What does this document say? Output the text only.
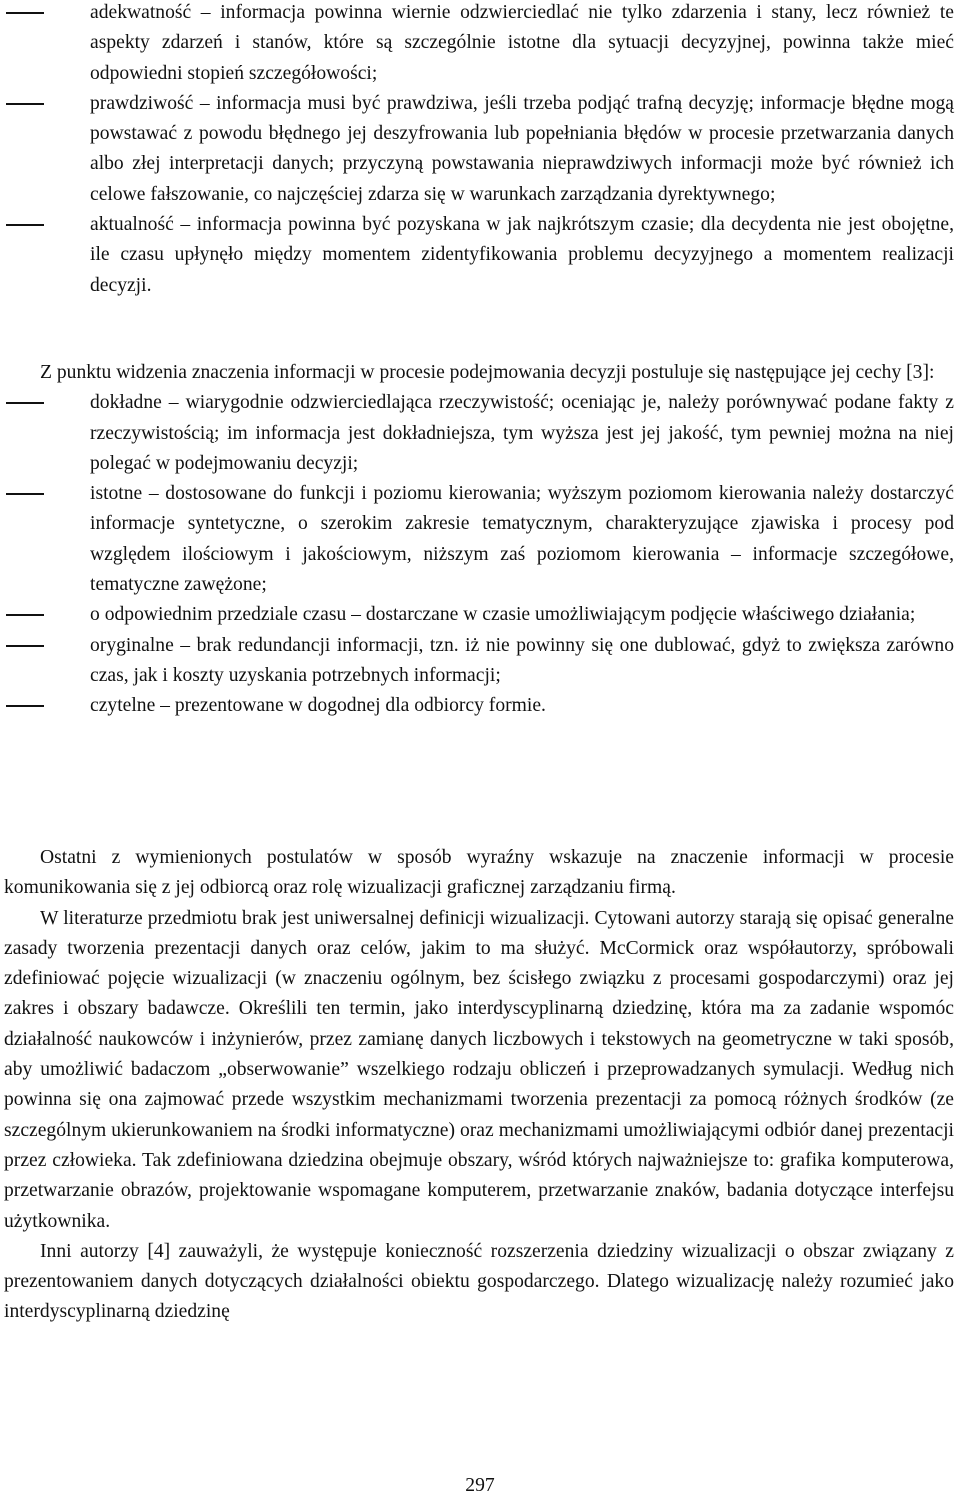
adekwatność – informacja powinna wiernie odzwierciedlać nie tylko zdarzenia i stany, lecz również te aspekty zdarzeń i stanów, które są szczególnie istotne dla sytuacji decyzyjnej, powinna także mieć odpowiedni stopień szczegółowości;
prawdziwość – informacja musi być prawdziwa, jeśli trzeba podjąć trafną decyzję; informacje błędne mogą powstawać z powodu błędnego jej deszyfrowania lub popełniania błędów w procesie przetwarzania danych albo złej interpretacji danych; przyczyną powstawania nieprawdziwych informacji może być również ich celowe fałszowanie, co najczęściej zdarza się w warunkach zarządzania dyrektywnego;
aktualność – informacja powinna być pozyskana w jak najkrótszym czasie; dla decydenta nie jest obojętne, ile czasu upłynęło między momentem zidentyfikowania problemu decyzyjnego a momentem realizacji decyzji.

Z punktu widzenia znaczenia informacji w procesie podejmowania decyzji postuluje się następujące jej cechy [3]:

dokładne – wiarygodnie odzwierciedlająca rzeczywistość; oceniając je, należy porównywać podane fakty z rzeczywistością; im informacja jest dokładniejsza, tym wyższa jest jej jakość, tym pewniej można na niej polegać w podejmowaniu decyzji;
istotne – dostosowane do funkcji i poziomu kierowania; wyższym poziomom kierowania należy dostarczyć informacje syntetyczne, o szerokim zakresie tematycznym, charakteryzujące zjawiska i procesy pod względem ilościowym i jakościowym, niższym zaś poziomom kierowania – informacje szczegółowe, tematyczne zawężone;
o odpowiednim przedziale czasu – dostarczane w czasie umożliwiającym podjęcie właściwego działania;
oryginalne – brak redundancji informacji, tzn. iż nie powinny się one dublować, gdyż to zwiększa zarówno czas, jak i koszty uzyskania potrzebnych informacji;
czytelne – prezentowane w dogodnej dla odbiorcy formie.

Ostatni z wymienionych postulatów w sposób wyraźny wskazuje na znaczenie informacji w procesie komunikowania się z jej odbiorcą oraz rolę wizualizacji graficznej zarządzaniu firmą.

W literaturze przedmiotu brak jest uniwersalnej definicji wizualizacji. Cytowani autorzy starają się opisać generalne zasady tworzenia prezentacji danych oraz celów, jakim to ma służyć. McCormick oraz współautorzy, spróbowali zdefiniować pojęcie wizualizacji (w znaczeniu ogólnym, bez ścisłego związku z procesami gospodarczymi) oraz jej zakres i obszary badawcze. Określili ten termin, jako interdyscyplinarną dziedzinę, która ma za zadanie wspomóc działalność naukowców i inżynierów, przez zamianę danych liczbowych i tekstowych na geometryczne w taki sposób, aby umożliwić badaczom „obserwowanie” wszelkiego rodzaju obliczeń i przeprowadzanych symulacji. Według nich powinna się ona zajmować przede wszystkim mechanizmami tworzenia prezentacji za pomocą różnych środków (ze szczególnym ukierunkowaniem na środki informatyczne) oraz mechanizmami umożliwiającymi odbiór danej prezentacji przez człowieka. Tak zdefiniowana dziedzina obejmuje obszary, wśród których najważniejsze to: grafika komputerowa, przetwarzanie obrazów, projektowanie wspomagane komputerem, przetwarzanie znaków, badania dotyczące interfejsu użytkownika.

Inni autorzy [4] zauważyli, że występuje konieczność rozszerzenia dziedziny wizualizacji o obszar związany z prezentowaniem danych dotyczących działalności obiektu gospodarczego. Dlatego wizualizację należy rozumieć jako interdyscyplinarną dziedzinę

297
